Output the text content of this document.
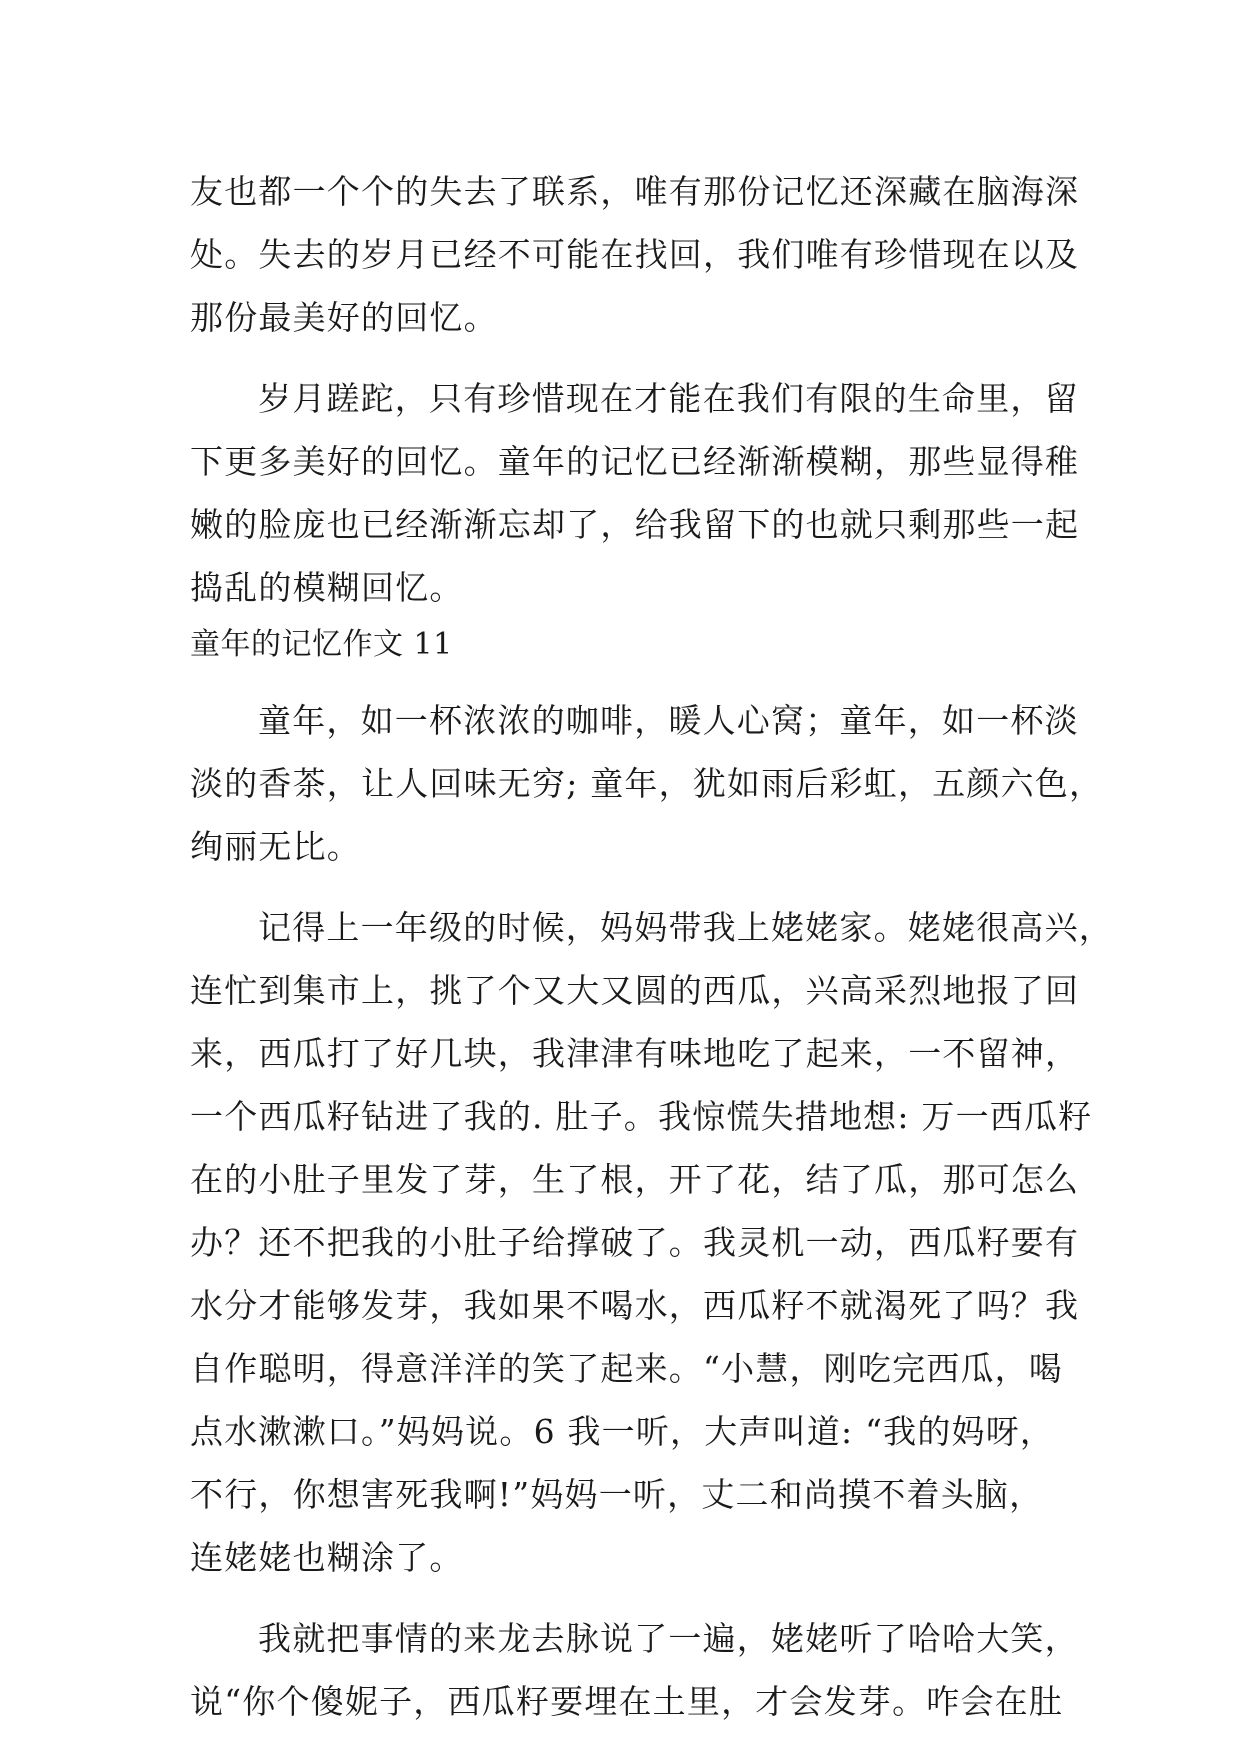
友也都一个个的失去了联系，唯有那份记忆还深藏在脑海深
处。失去的岁月已经不可能在找回，我们唯有珍惜现在以及
那份最美好的回忆。
岁月蹉跎，只有珍惜现在才能在我们有限的生命里，留
下更多美好的回忆。童年的记忆已经渐渐模糊，那些显得稚
嫩的脸庞也已经渐渐忘却了，给我留下的也就只剩那些一起
捣乱的模糊回忆。
童年的记忆作文 11
童年，如一杯浓浓的咖啡，暖人心窝；童年，如一杯淡
淡的香茶，让人回味无穷; 童年，犹如雨后彩虹，五颜六色，
绚丽无比。
记得上一年级的时候，妈妈带我上姥姥家。姥姥很高兴，
连忙到集市上，挑了个又大又圆的西瓜，兴高采烈地报了回
来，西瓜打了好几块，我津津有味地吃了起来，一不留神，
一个西瓜籽钻进了我的. 肚子。我惊慌失措地想: 万一西瓜籽
在的小肚子里发了芽，生了根，开了花，结了瓜，那可怎么
办？还不把我的小肚子给撑破了。我灵机一动，西瓜籽要有
水分才能够发芽，我如果不喝水，西瓜籽不就渴死了吗？我
自作聪明，得意洋洋的笑了起来。“小慧，刚吃完西瓜，喝
点水漱漱口。”妈妈说。6 我一听，大声叫道: “我的妈呀，
不行，你想害死我啊!”妈妈一听，丈二和尚摸不着头脑，
连姥姥也糊涂了。
我就把事情的来龙去脉说了一遍，姥姥听了哈哈大笑，
说“你个傻妮子，西瓜籽要埋在土里，才会发芽。咋会在肚
